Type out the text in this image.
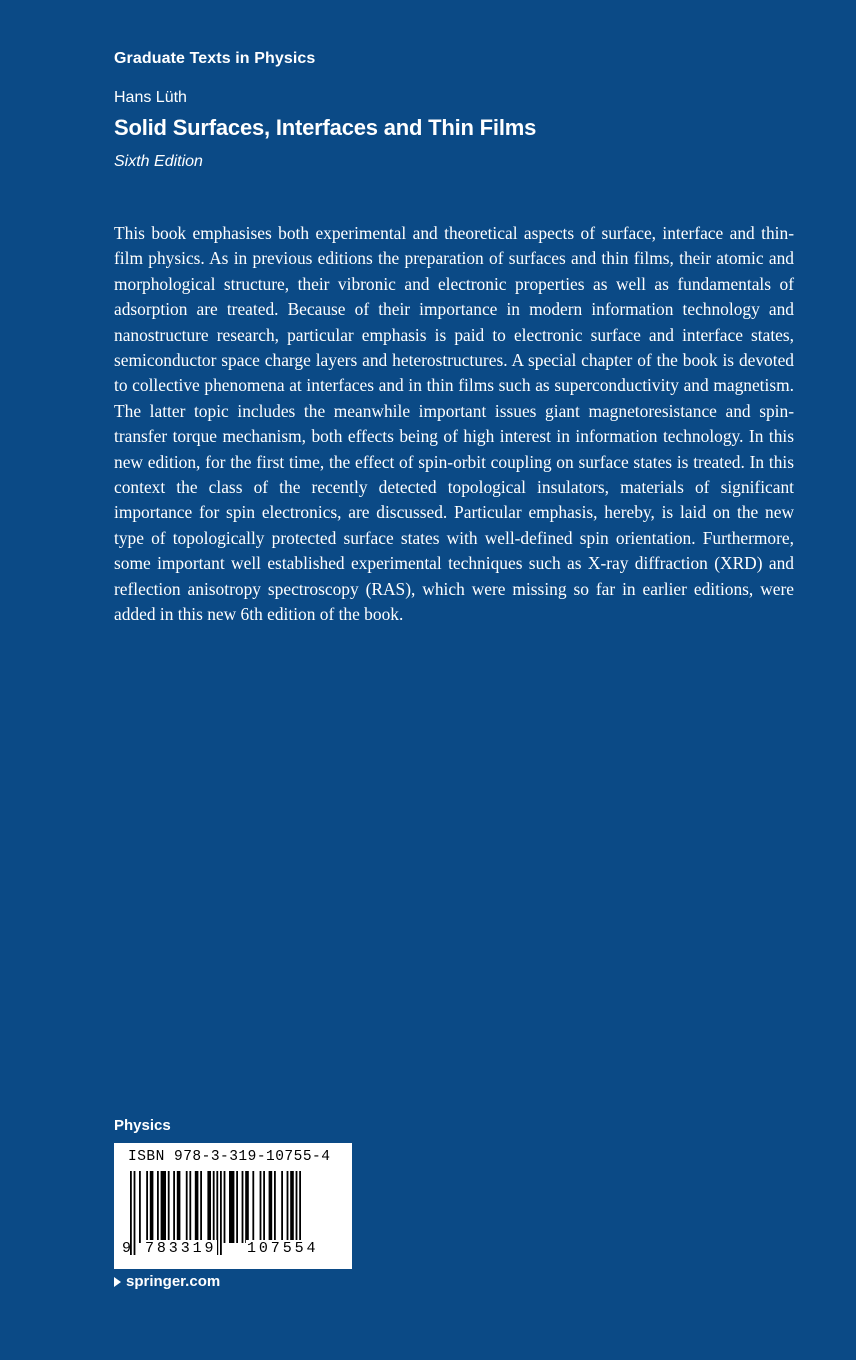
Graduate Texts in Physics
Hans Lüth
Solid Surfaces, Interfaces and Thin Films
Sixth Edition

This book emphasises both experimental and theoretical aspects of surface, interface and thin-film physics. As in previous editions the preparation of surfaces and thin films, their atomic and morphological structure, their vibronic and electronic properties as well as fundamentals of adsorption are treated. Because of their importance in modern information technology and nanostructure research, particular emphasis is paid to electronic surface and interface states, semiconductor space charge layers and heterostructures. A special chapter of the book is devoted to collective phenomena at interfaces and in thin films such as superconductivity and magnetism. The latter topic includes the meanwhile important issues giant magnetoresistance and spin-transfer torque mechanism, both effects being of high interest in information technology. In this new edition, for the first time, the effect of spin-orbit coupling on surface states is treated. In this context the class of the recently detected topological insulators, materials of significant importance for spin electronics, are discussed. Particular emphasis, hereby, is laid on the new type of topologically protected surface states with well-defined spin orientation. Furthermore, some important well established experimental techniques such as X-ray diffraction (XRD) and reflection anisotropy spectroscopy (RAS), which were missing so far in earlier editions, were added in this new 6th edition of the book.

Physics
ISBN 978-3-319-10755-4
9 783319 107554
springer.com
